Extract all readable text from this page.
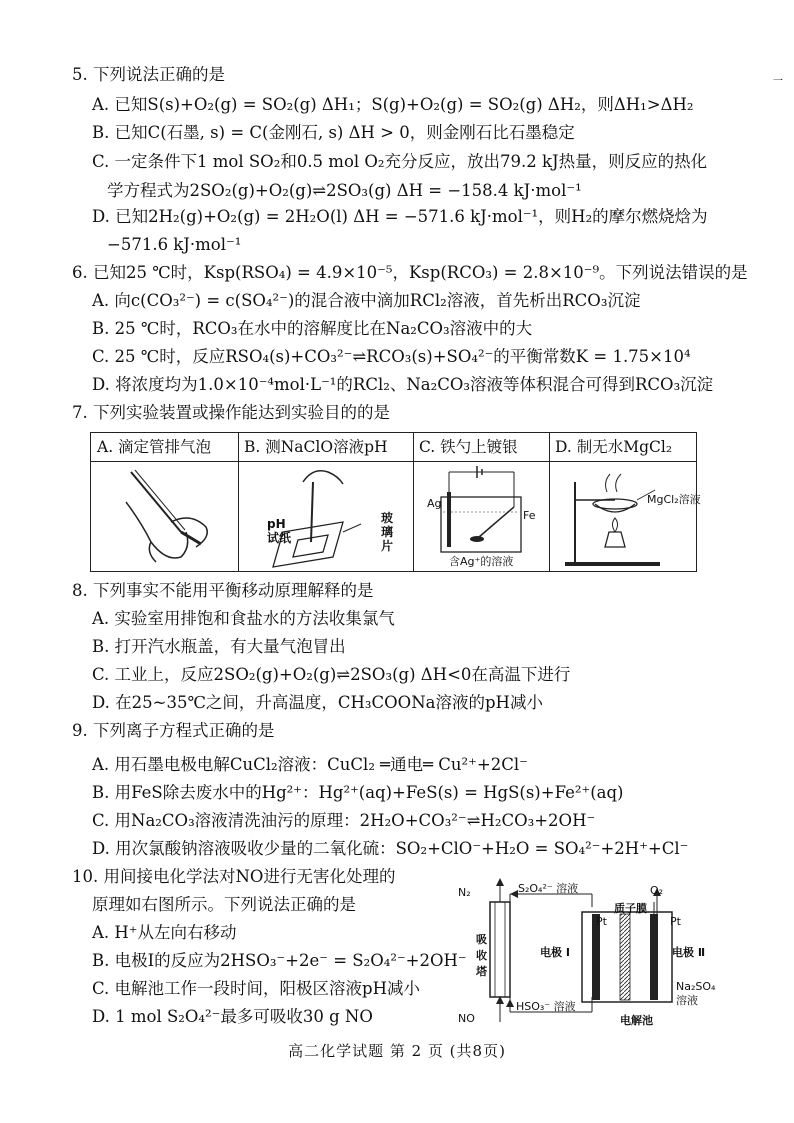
一
5. 下列说法正确的是
A. 已知S(s)+O₂(g) = SO₂(g) ΔH₁；S(g)+O₂(g) = SO₂(g) ΔH₂，则ΔH₁>ΔH₂
B. 已知C(石墨, s) = C(金刚石, s) ΔH > 0，则金刚石比石墨稳定
C. 一定条件下1 mol SO₂和0.5 mol O₂充分反应，放出79.2 kJ热量，则反应的热化
学方程式为2SO₂(g)+O₂(g)⇌2SO₃(g) ΔH = −158.4 kJ·mol⁻¹
D. 已知2H₂(g)+O₂(g) = 2H₂O(l) ΔH = −571.6 kJ·mol⁻¹，则H₂的摩尔燃烧焓为
−571.6 kJ·mol⁻¹
6. 已知25 ℃时，Ksp(RSO₄) = 4.9×10⁻⁵，Ksp(RCO₃) = 2.8×10⁻⁹。下列说法错误的是
A. 向c(CO₃²⁻) = c(SO₄²⁻)的混合液中滴加RCl₂溶液，首先析出RCO₃沉淀
B. 25 ℃时，RCO₃在水中的溶解度比在Na₂CO₃溶液中的大
C. 25 ℃时，反应RSO₄(s)+CO₃²⁻⇌RCO₃(s)+SO₄²⁻的平衡常数K = 1.75×10⁴
D. 将浓度均为1.0×10⁻⁴mol·L⁻¹的RCl₂、Na₂CO₃溶液等体积混合可得到RCO₃沉淀
7. 下列实验装置或操作能达到实验目的的是
A. 滴定管排气泡	B. 测NaClO溶液pH	C. 铁勺上镀银	D. 制无水MgCl₂
pH
试纸
玻
璃
片
Ag
Fe
含Ag⁺的溶液
MgCl₂溶液
8. 下列事实不能用平衡移动原理解释的是
A. 实验室用排饱和食盐水的方法收集氯气
B. 打开汽水瓶盖，有大量气泡冒出
C. 工业上，反应2SO₂(g)+O₂(g)⇌2SO₃(g) ΔH<0在高温下进行
D. 在25~35℃之间，升高温度，CH₃COONa溶液的pH减小
9. 下列离子方程式正确的是
A. 用石墨电极电解CuCl₂溶液：CuCl₂ ═通电═ Cu²⁺+2Cl⁻
B. 用FeS除去废水中的Hg²⁺：Hg²⁺(aq)+FeS(s) = HgS(s)+Fe²⁺(aq)
C. 用Na₂CO₃溶液清洗油污的原理：2H₂O+CO₃²⁻⇌H₂CO₃+2OH⁻
D. 用次氯酸钠溶液吸收少量的二氧化硫：SO₂+ClO⁻+H₂O = SO₄²⁻+2H⁺+Cl⁻
10. 用间接电化学法对NO进行无害化处理的
原理如右图所示。下列说法正确的是
A. H⁺从左向右移动
B. 电极Ⅰ的反应为2HSO₃⁻+2e⁻ = S₂O₄²⁻+2OH⁻
C. 电解池工作一段时间，阳极区溶液pH减小
D. 1 mol S₂O₄²⁻最多可吸收30 g NO
N₂	S₂O₄²⁻ 溶液	O₂
Pt
质子膜
Pt
吸
收
塔
电极 Ⅰ	电极 Ⅱ
Na₂SO₄
溶液
NO
HSO₃⁻ 溶液
电解池
高二化学试题 第 2 页 (共8页)
